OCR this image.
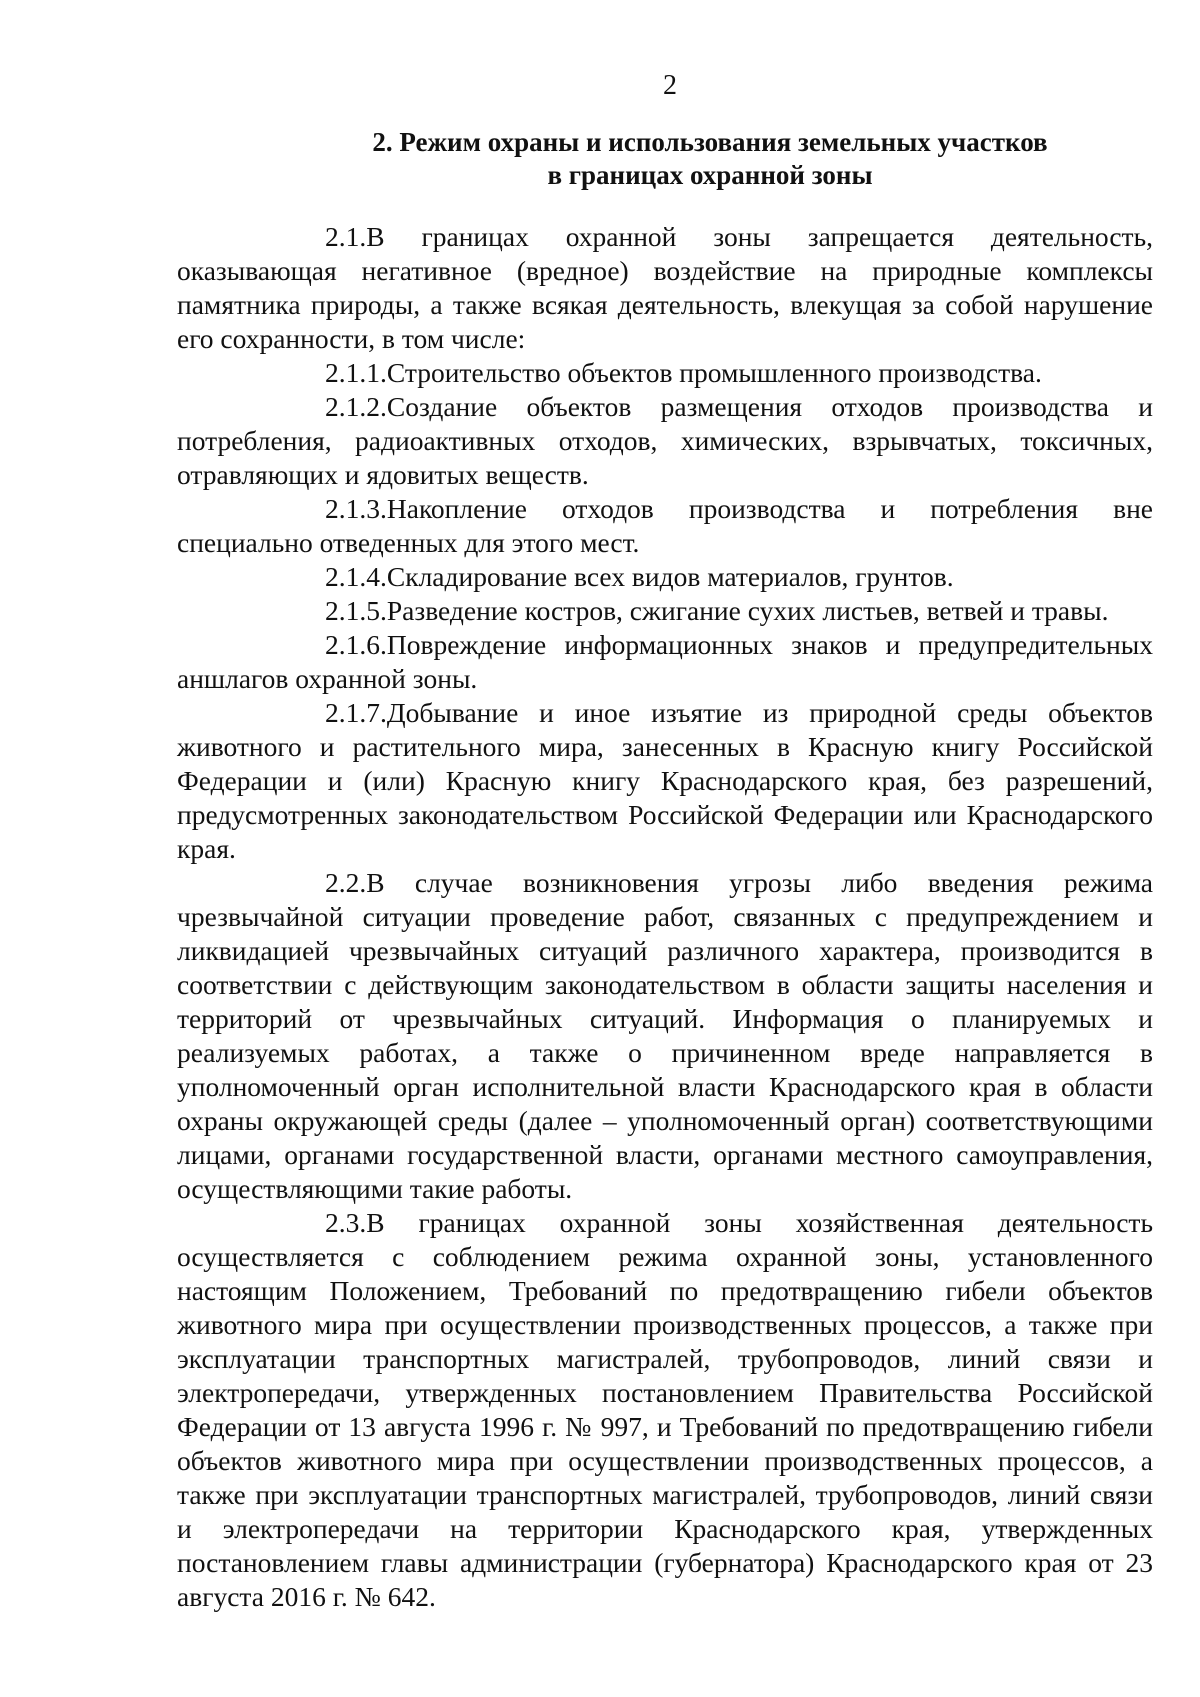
2
2. Режим охраны и использования земельных участков
в границах охранной зоны

2.1.В границах охранной зоны запрещается деятельность, оказывающая негативное (вредное) воздействие на природные комплексы памятника природы, а также всякая деятельность, влекущая за собой нарушение его сохранности, в том числе:

2.1.1.Строительство объектов промышленного производства.

2.1.2.Создание объектов размещения отходов производства и потребления, радиоактивных отходов, химических, взрывчатых, токсичных, отравляющих и ядовитых веществ.

2.1.3.Накопление отходов производства и потребления вне специально отведенных для этого мест.

2.1.4.Складирование всех видов материалов, грунтов.

2.1.5.Разведение костров, сжигание сухих листьев, ветвей и травы.

2.1.6.Повреждение информационных знаков и предупредительных аншлагов охранной зоны.

2.1.7.Добывание и иное изъятие из природной среды объектов животного и растительного мира, занесенных в Красную книгу Российской Федерации и (или) Красную книгу Краснодарского края, без разрешений, предусмотренных законодательством Российской Федерации или Краснодарского края.

2.2.В случае возникновения угрозы либо введения режима чрезвычайной ситуации проведение работ, связанных с предупреждением и ликвидацией чрезвычайных ситуаций различного характера, производится в соответствии с действующим законодательством в области защиты населения и территорий от чрезвычайных ситуаций. Информация о планируемых и реализуемых работах, а также о причиненном вреде направляется в уполномоченный орган исполнительной власти Краснодарского края в области охраны окружающей среды (далее – уполномоченный орган) соответствующими лицами, органами государственной власти, органами местного самоуправления, осуществляющими такие работы.

2.3.В границах охранной зоны хозяйственная деятельность осуществляется с соблюдением режима охранной зоны, установленного настоящим Положением, Требований по предотвращению гибели объектов животного мира при осуществлении производственных процессов, а также при эксплуатации транспортных магистралей, трубопроводов, линий связи и электропередачи, утвержденных постановлением Правительства Российской Федерации от 13 августа 1996 г. № 997, и Требований по предотвращению гибели объектов животного мира при осуществлении производственных процессов, а также при эксплуатации транспортных магистралей, трубопроводов, линий связи и электропередачи на территории Краснодарского края, утвержденных постановлением главы администрации (губернатора) Краснодарского края от 23 августа 2016 г. № 642.
